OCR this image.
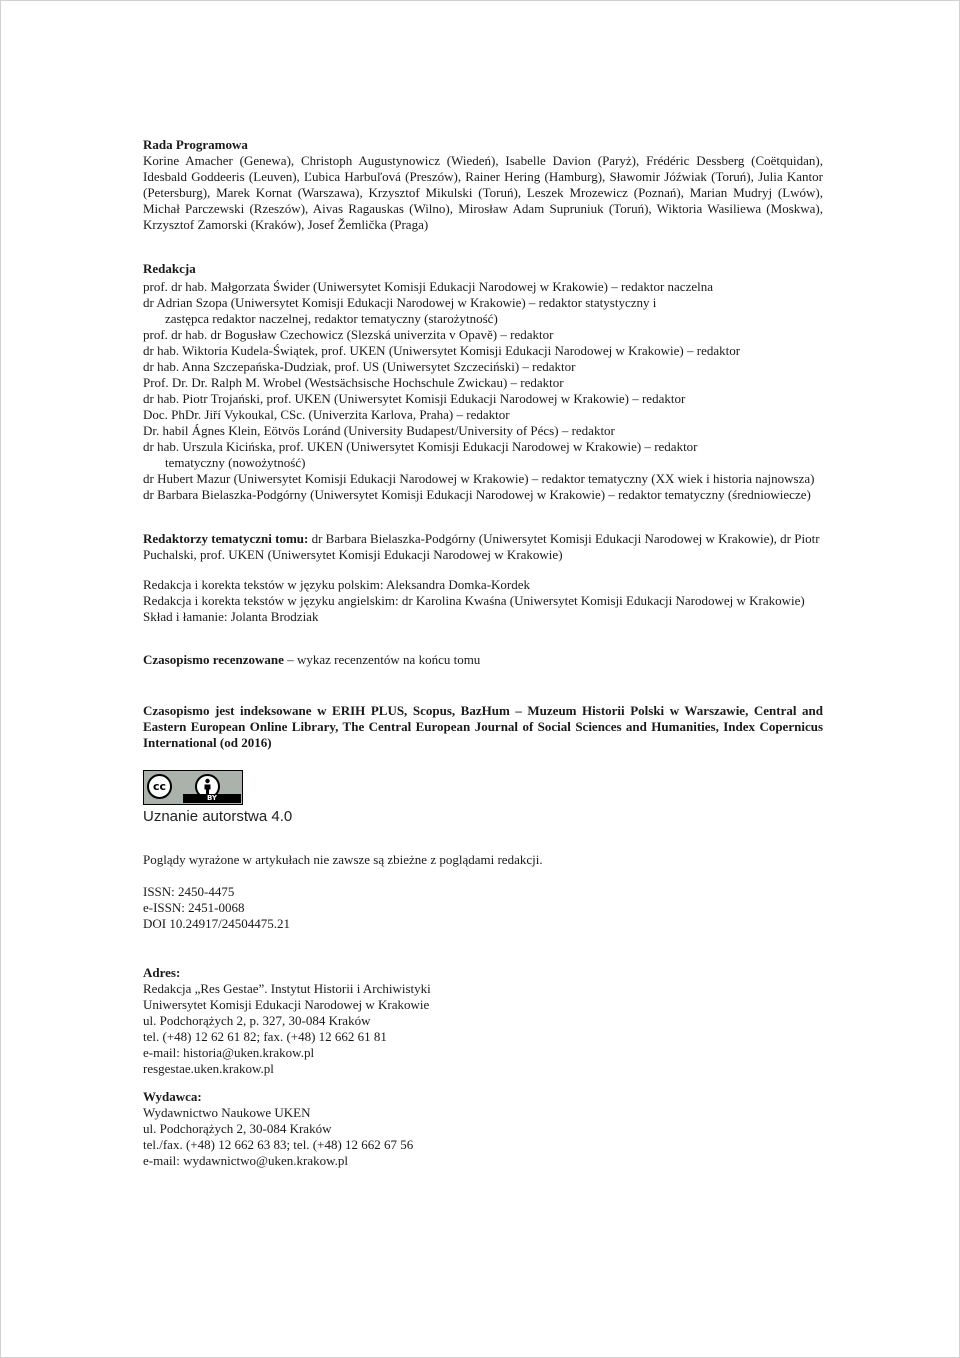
Rada Programowa
Korine Amacher (Genewa), Christoph Augustynowicz (Wiedeń), Isabelle Davion (Paryż), Frédéric Dessberg (Coëtquidan), Idesbald Goddeeris (Leuven), Ľubica Harbuľová (Preszów), Rainer Hering (Hamburg), Sławomir Jóźwiak (Toruń), Julia Kantor (Petersburg), Marek Kornat (Warszawa), Krzysztof Mikulski (Toruń), Leszek Mrozewicz (Poznań), Marian Mudryj (Lwów), Michał Parczewski (Rzeszów), Aivas Ragauskas (Wilno), Mirosław Adam Supruniuk (Toruń), Wiktoria Wasiliewa (Moskwa), Krzysztof Zamorski (Kraków), Josef Žemlička (Praga)
Redakcja
prof. dr hab. Małgorzata Świder (Uniwersytet Komisji Edukacji Narodowej w Krakowie) – redaktor naczelna
dr Adrian Szopa (Uniwersytet Komisji Edukacji Narodowej w Krakowie) – redaktor statystyczny i zastępca redaktor naczelnej, redaktor tematyczny (starożytność)
prof. dr hab. dr Bogusław Czechowicz (Slezská univerzita v Opavě) – redaktor
dr hab. Wiktoria Kudela-Świątek, prof. UKEN (Uniwersytet Komisji Edukacji Narodowej w Krakowie) – redaktor
dr hab. Anna Szczepańska-Dudziak, prof. US (Uniwersytet Szczeciński) – redaktor
Prof. Dr. Dr. Ralph M. Wrobel (Westsächsische Hochschule Zwickau) – redaktor
dr hab. Piotr Trojański, prof. UKEN (Uniwersytet Komisji Edukacji Narodowej w Krakowie) – redaktor
Doc. PhDr. Jiří Vykoukal, CSc. (Univerzita Karlova, Praha) – redaktor
Dr. habil Ágnes Klein, Eötvös Loránd (University Budapest/University of Pécs) – redaktor
dr hab. Urszula Kicińska, prof. UKEN (Uniwersytet Komisji Edukacji Narodowej w Krakowie) – redaktor tematyczny (nowożytność)
dr Hubert Mazur (Uniwersytet Komisji Edukacji Narodowej w Krakowie) – redaktor tematyczny (XX wiek i historia najnowsza)
dr Barbara Bielaszka-Podgórny (Uniwersytet Komisji Edukacji Narodowej w Krakowie) – redaktor tematyczny (średniowiecze)
Redaktorzy tematyczni tomu: dr Barbara Bielaszka-Podgórny (Uniwersytet Komisji Edukacji Narodowej w Krakowie), dr Piotr Puchalski, prof. UKEN (Uniwersytet Komisji Edukacji Narodowej w Krakowie)
Redakcja i korekta tekstów w języku polskim: Aleksandra Domka-Kordek
Redakcja i korekta tekstów w języku angielskim: dr Karolina Kwaśna (Uniwersytet Komisji Edukacji Narodowej w Krakowie)
Skład i łamanie: Jolanta Brodziak
Czasopismo recenzowane – wykaz recenzentów na końcu tomu
Czasopismo jest indeksowane w ERIH PLUS, Scopus, BazHum – Muzeum Historii Polski w Warszawie, Central and Eastern European Online Library, The Central European Journal of Social Sciences and Humanities, Index Copernicus International (od 2016)
cc
BY
Uznanie autorstwa 4.0
Poglądy wyrażone w artykułach nie zawsze są zbieżne z poglądami redakcji.
ISSN: 2450-4475
e-ISSN: 2451-0068
DOI 10.24917/24504475.21
Adres:
Redakcja „Res Gestae”. Instytut Historii i Archiwistyki
Uniwersytet Komisji Edukacji Narodowej w Krakowie
ul. Podchorążych 2, p. 327, 30-084 Kraków
tel. (+48) 12 62 61 82; fax. (+48) 12 662 61 81
e-mail: historia@uken.krakow.pl
resgestae.uken.krakow.pl
Wydawca:
Wydawnictwo Naukowe UKEN
ul. Podchorążych 2, 30-084 Kraków
tel./fax. (+48) 12 662 63 83; tel. (+48) 12 662 67 56
e-mail: wydawnictwo@uken.krakow.pl
